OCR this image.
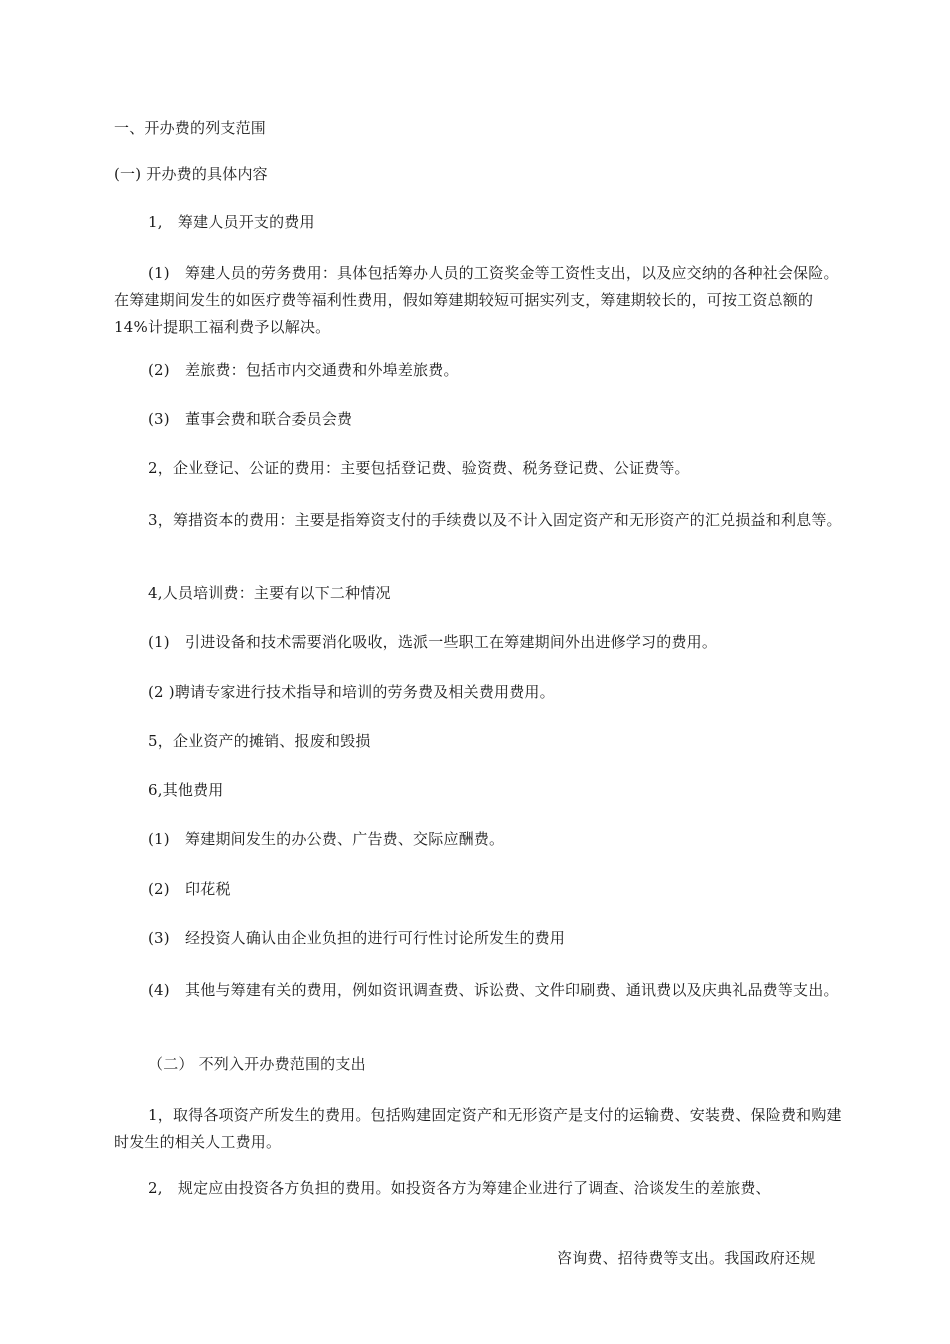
一、开办费的列支范围
(一) 开办费的具体内容
1,　筹建人员开支的费用
(1)　筹建人员的劳务费用：具体包括筹办人员的工资奖金等工资性支出，以及应交纳的各种社会保险。在筹建期间发生的如医疗费等福利性费用，假如筹建期较短可据实列支，筹建期较长的，可按工资总额的14%计提职工福利费予以解决。
(2)　差旅费：包括市内交通费和外埠差旅费。
(3)　董事会费和联合委员会费
2，企业登记、公证的费用：主要包括登记费、验资费、税务登记费、公证费等。
3，筹措资本的费用：主要是指筹资支付的手续费以及不计入固定资产和无形资产的汇兑损益和利息等。
4,人员培训费：主要有以下二种情况
(1)　引进设备和技术需要消化吸收，选派一些职工在筹建期间外出进修学习的费用。
(2 )聘请专家进行技术指导和培训的劳务费及相关费用费用。
5，企业资产的摊销、报废和毁损
6,其他费用
(1)　筹建期间发生的办公费、广告费、交际应酬费。
(2)　印花税
(3)　经投资人确认由企业负担的进行可行性讨论所发生的费用
(4)　其他与筹建有关的费用，例如资讯调查费、诉讼费、文件印刷费、通讯费以及庆典礼品费等支出。
（二） 不列入开办费范围的支出
1，取得各项资产所发生的费用。包括购建固定资产和无形资产是支付的运输费、安装费、保险费和购建时发生的相关人工费用。
2,　规定应由投资各方负担的费用。如投资各方为筹建企业进行了调查、洽谈发生的差旅费、
咨询费、招待费等支出。我国政府还规
